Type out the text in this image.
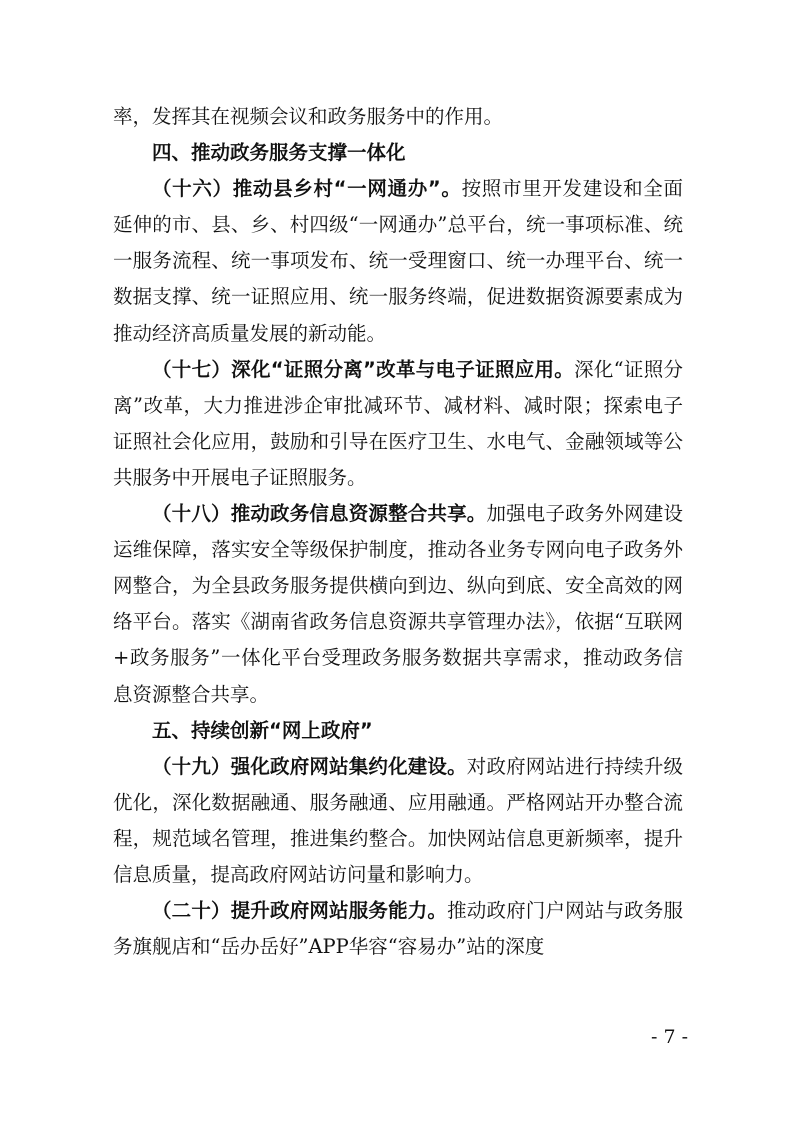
率，发挥其在视频会议和政务服务中的作用。

四、推动政务服务支撑一体化

（十六）推动县乡村“一网通办”。按照市里开发建设和全面延伸的市、县、乡、村四级“一网通办”总平台，统一事项标准、统一服务流程、统一事项发布、统一受理窗口、统一办理平台、统一数据支撑、统一证照应用、统一服务终端，促进数据资源要素成为推动经济高质量发展的新动能。

（十七）深化“证照分离”改革与电子证照应用。深化“证照分离”改革，大力推进涉企审批减环节、减材料、减时限；探索电子证照社会化应用，鼓励和引导在医疗卫生、水电气、金融领域等公共服务中开展电子证照服务。

（十八）推动政务信息资源整合共享。加强电子政务外网建设运维保障，落实安全等级保护制度，推动各业务专网向电子政务外网整合，为全县政务服务提供横向到边、纵向到底、安全高效的网络平台。落实《湖南省政务信息资源共享管理办法》，依据“互联网+政务服务”一体化平台受理政务服务数据共享需求，推动政务信息资源整合共享。

五、持续创新“网上政府”

（十九）强化政府网站集约化建设。对政府网站进行持续升级优化，深化数据融通、服务融通、应用融通。严格网站开办整合流程，规范域名管理，推进集约整合。加快网站信息更新频率，提升信息质量，提高政府网站访问量和影响力。

（二十）提升政府网站服务能力。推动政府门户网站与政务服务旗舰店和“岳办岳好”APP华容“容易办”站的深度

- 7 -
